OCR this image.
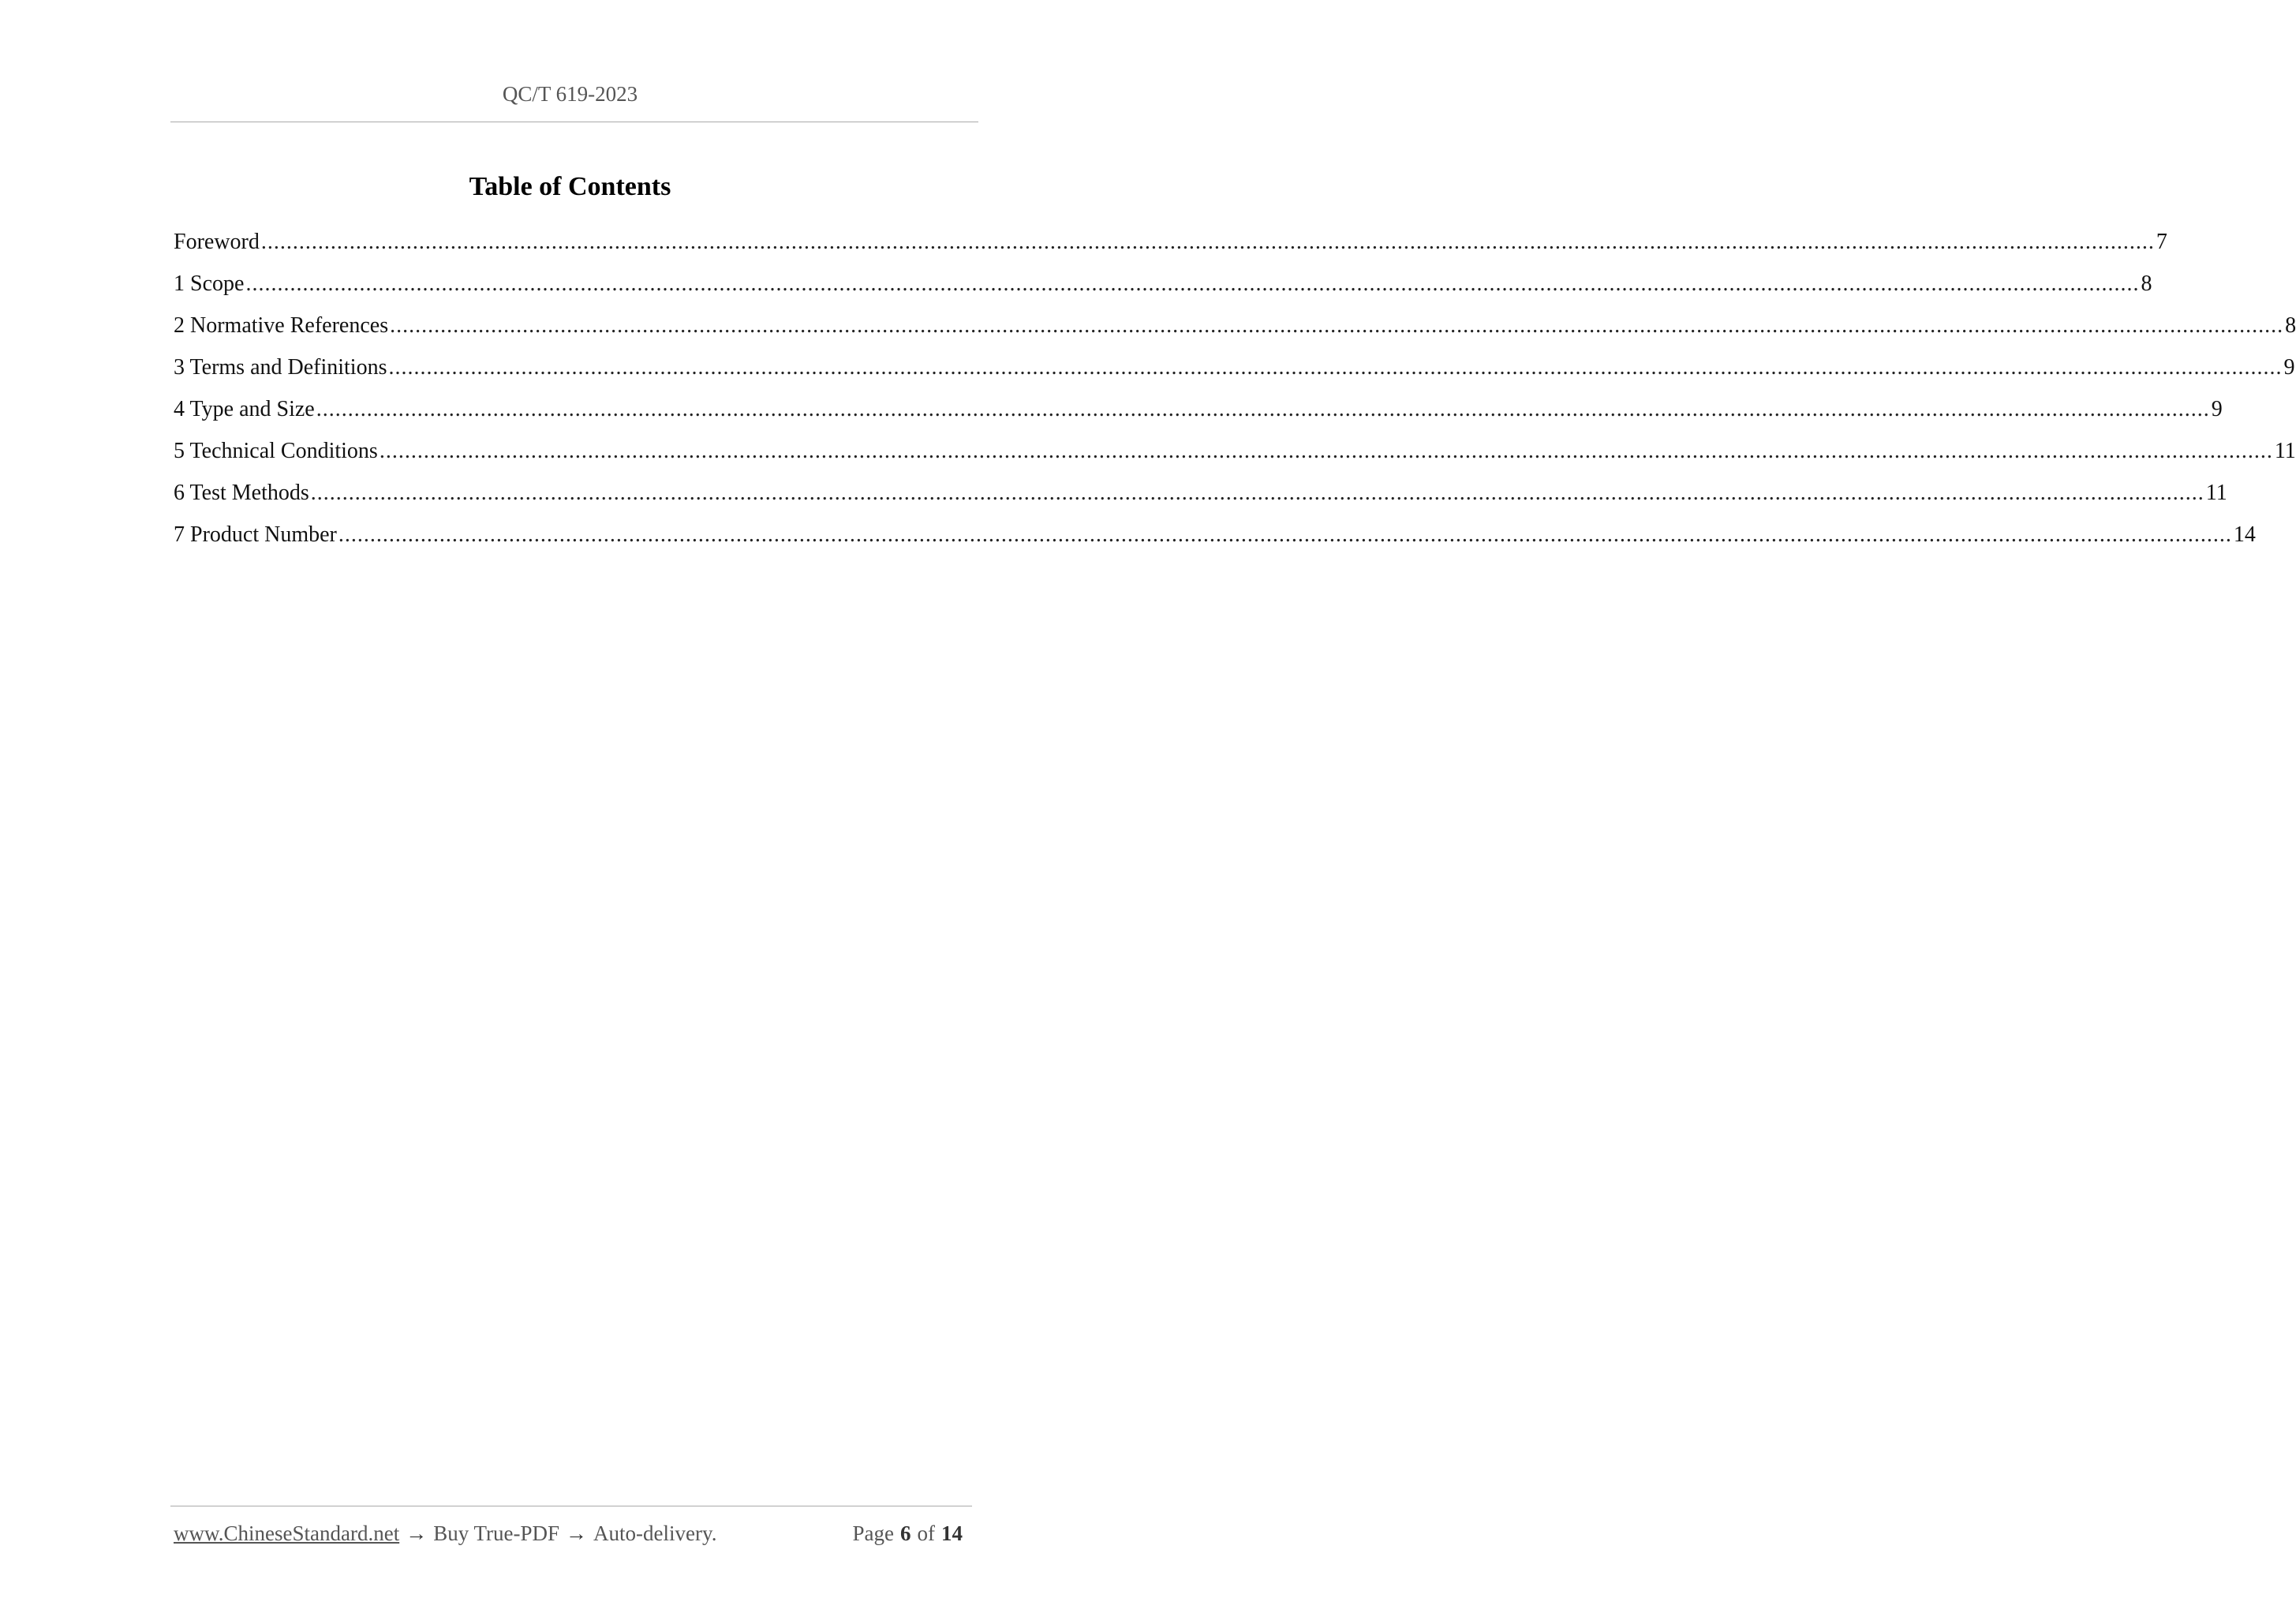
QC/T 619-2023
Table of Contents
Foreword ............................................................................................................................................................................................................................................................................................................ 7
1 Scope ............................................................................................................................................................................................................................................................................................................ 8
2 Normative References ............................................................................................................................................................................................................................................................................................................ 8
3 Terms and Definitions ............................................................................................................................................................................................................................................................................................................ 9
4 Type and Size ............................................................................................................................................................................................................................................................................................................ 9
5 Technical Conditions ............................................................................................................................................................................................................................................................................................................ 11
6 Test Methods ............................................................................................................................................................................................................................................................................................................ 11
7 Product Number ............................................................................................................................................................................................................................................................................................................ 14
www.ChineseStandard.net → Buy True-PDF → Auto-delivery.	Page 6 of 14
